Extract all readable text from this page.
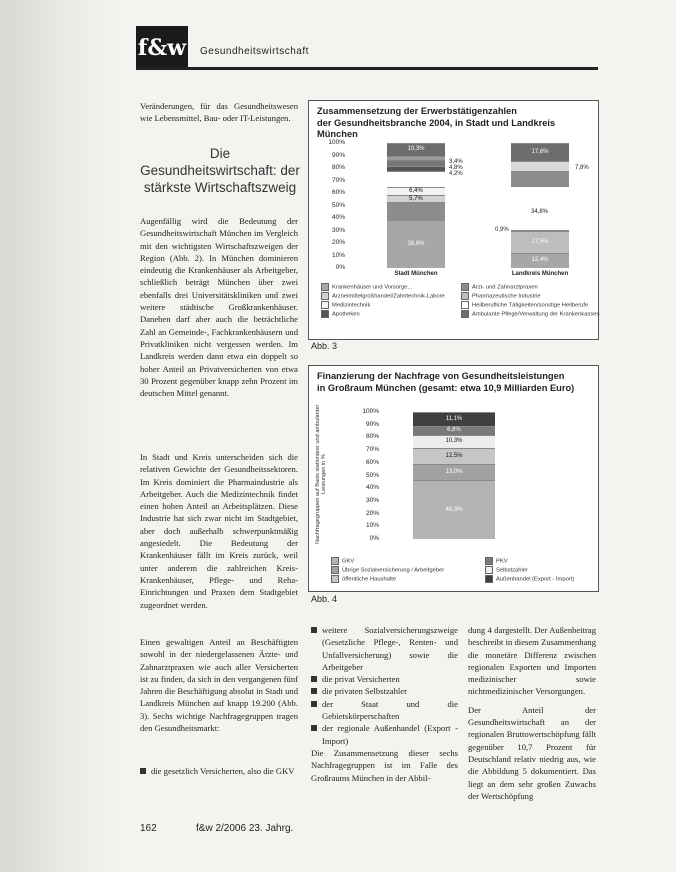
f&w Gesundheitswirtschaft
Veränderungen, für das Gesundheitswesen wie Lebensmittel, Bau- oder IT-Leistungen.
Die Gesundheitswirtschaft: der stärkste Wirtschaftszweig
Augenfällig wird die Bedeutung der Gesundheitswirtschaft München im Vergleich mit den wichtigsten Wirtschaftszweigen der Region (Abb. 2). In München dominieren eindeutig die Krankenhäuser als Arbeitgeber, schließlich beträgt München über zwei ebenfalls drei Universitätskliniken und zwei weitere städtische Großkrankenhäuser. Daneben darf aber auch die beträchtliche Zahl an Gemeinde-, Fachkrankenhäusern und Privatkliniken nicht vergessen werden. Im Landkreis werden dann etwa ein doppelt so hoher Anteil an Privatversicherten von etwa 30 Prozent gegenüber knapp zehn Prozent im deutschen Mittel genannt.
In Stadt und Kreis unterscheiden sich die relativen Gewichte der Gesundheitssektoren. Im Kreis dominiert die Pharmaindustrie als Arbeitgeber. Auch die Medizintechnik findet einen hohen Anteil an Arbeitsplätzen. Diese Industrie hat sich zwar nicht im Stadtgebiet, aber doch außerhalb schwerpunktmäßig angesiedelt. Die Bedeutung der Krankenhäuser fällt im Kreis zurück, weil unter anderem die zahlreichen Kreis-Krankenhäuser, Pflege- und Reha-Einrichtungen und Praxen dem Stadtgebiet zugeordnet werden.
Einen gewaltigen Anteil an Beschäftigten sowohl in der niedergelassenen Ärzte- und Zahnarztpraxen wie auch aller Versicherten ist zu finden, da sich in den vergangenen fünf Jahren die Beschäftigung absolut in Stadt und Landkreis München auf knapp 19.200 (Abb. 3). Sechs wichtige Nachfragegruppen tragen den Gesundheitsmarkt:
die gesetzlich Versicherten, also die GKV
Zusammensetzung der Erwerbstätigenzahlen
der Gesundheitsbranche 2004, in Stadt und Landkreis München
100%
90%
80%
70%
60%
50%
40%
30%
20%
10%
0%
38,6%
5,7%
6,4%
10,3%
Stadt München
12,4%
17,5%
17,6%
Landkreis München
3,4%
4,8%
4,2%
7,8%
0,9%
34,8%
Krankenhäuser und Vorsorge...	Arzt- und Zahnarztpraxen
Arzneimittelgroßhandel/Zahntechnik-Labore	Pharmazeutische Industrie
Medizintechnik	Heilberufliche Tätigkeiten/sonstige Heilberufe
Apotheken	Ambulante Pflege/Verwaltung der Krankenkassen
Abb. 3
Finanzierung der Nachfrage von Gesundheitsleistungen
in Großraum München (gesamt: etwa 10,9 Milliarden Euro)
Nachfragegruppen auf Basis stationärer und ambulanter Leistungen in %
100%
90%
80%
70%
60%
50%
40%
30%
20%
10%
0%
46,3%
13,0%
12,5%
10,3%
6,8%
11,1%
GKV	PKV
Übrige Sozialversicherung / Arbeitgeber	Selbstzahler
öffentliche Haushalte	Außenhandel (Export - Import)
Abb. 4
weitere Sozialversicherungszweige (Gesetzliche Pflege-, Renten- und Unfallversicherung) sowie die Arbeitgeber
die privat Versicherten
die privaten Selbstzahler
der Staat und die Gebietskörperschaften
der regionale Außenhandel (Export - Import)
Die Zusammensetzung dieser sechs Nachfragegruppen ist im Falle des Großraums München in der Abbil-
dung 4 dargestellt. Der Außenbeitrag beschreibt in diesem Zusammenhang die monetäre Differenz zwischen regionalen Exporten und Importen medizinischer sowie nichtmedizinischer Versorgungen.
Der Anteil der Gesundheitswirtschaft an der regionalen Bruttowertschöpfung fällt gegenüber 10,7 Prozent für Deutschland relativ niedrig aus, wie die Abbildung 5 dokumentiert. Das liegt an dem sehr großen Zuwachs der Wertschöpfung
162	f&w 2/2006 23. Jahrg.
